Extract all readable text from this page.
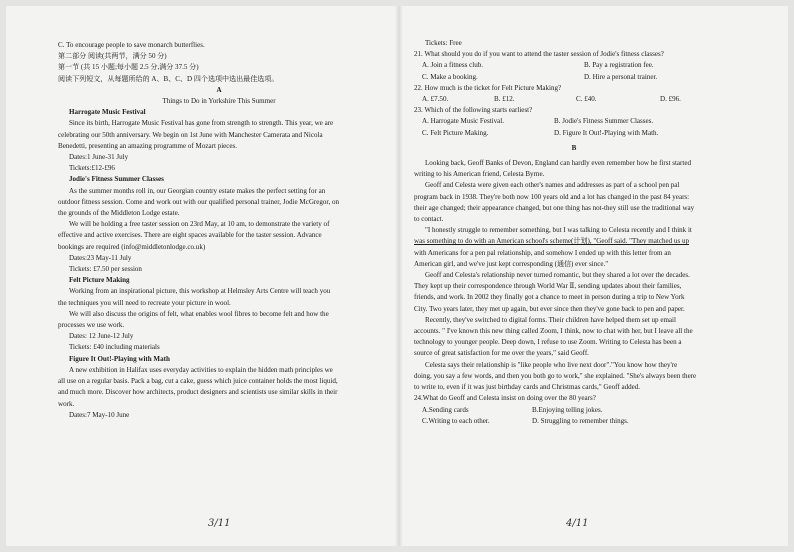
C. To encourage people to save monarch butterflies.
第二部分 阅读(共两节，满分 50 分)
第一节 (共 15 小题;每小题 2.5 分,满分 37.5 分)
阅读下列短文，从每题所给的 A、B、C、D 四个选项中选出最佳选项。
A
Things to Do in Yorkshire This Summer
Harrogate Music Festival
Since its birth, Harrogate Music Festival has gone from strength to strength. This year, we are
celebrating our 50th anniversary. We begin on 1st June with Manchester Camerata and Nicola
Benedetti, presenting an amazing programme of Mozart pieces.
Dates:1 June-31 July
Tickets:£12-£96
Jodie's Fitness Summer Classes
As the summer months roll in, our Georgian country estate makes the perfect setting for an
outdoor fitness session. Come and work out with our qualified personal trainer, Jodie McGregor, on
the grounds of the Middleton Lodge estate.
We will be holding a free taster session on 23rd May, at 10 am, to demonstrate the variety of
effective and active exercises. There are eight spaces available for the taster session. Advance
bookings are required (info@middletonlodge.co.uk)
Dates:23 May-11 July
Tickets: £7.50 per session
Felt Picture Making
Working from an inspirational picture, this workshop at Helmsley Arts Centre will teach you
the techniques you will need to recreate your picture in wool.
We will also discuss the origins of felt, what enables wool fibres to become felt and how the
processes we use work.
Dates: 12 June-12 July
Tickets: £40 including materials
Figure It Out!-Playing with Math
A new exhibition in Halifax uses everyday activities to explain the hidden math principles we
all use on a regular basis. Pack a bag, cut a cake, guess which juice container holds the most liquid,
and much more. Discover how architects, product designers and scientists use similar skills in their
work.
Dates:7 May-10 June
3/11
Tickets: Free
21. What should you do if you want to attend the taster session of Jodie's fitness classes?
A. Join a fitness club.	B. Pay a registration fee.
C. Make a booking.	D. Hire a personal trainer.
22. How much is the ticket for Felt Picture Making?
A. £7.50.	B. £12.	C. £40.	D. £96.
23. Which of the following starts earliest?
A. Harrogate Music Festival.	B. Jodie's Fitness Summer Classes.
C. Felt Picture Making.	D. Figure It Out!-Playing with Math.
B
Looking back, Geoff Banks of Devon, England can hardly even remember how he first started
writing to his American friend, Celesta Byrne.
Geoff and Celesta were given each other's names and addresses as part of a school pen pal
program back in 1938. They're both now 100 years old and a lot has changed in the past 84 years:
their age changed; their appearance changed, but one thing has not-they still use the traditional way
to contact.
"I honestly struggle to remember something, but I was talking to Celesta recently and I think it
was something to do with an American school's scheme(计划), "Geoff said. "They matched us up
with Americans for a pen pal relationship, and somehow I ended up with this letter from an
American girl, and we've just kept corresponding (通信) ever since."
Geoff and Celesta's relationship never turned romantic, but they shared a lot over the decades.
They kept up their correspondence through World War Ⅱ, sending updates about their families,
friends, and work. In 2002 they finally got a chance to meet in person during a trip to New York
City. Two years later, they met up again, but ever since then they've gone back to pen and paper.
Recently, they've switched to digital forms. Their children have helped them set up email
accounts. " I've known this new thing called Zoom, I think, now to chat with her, but I leave all the
technology to younger people. Deep down, I refuse to use Zoom. Writing to Celesta has been a
source of great satisfaction for me over the years," said Geoff.
Celesta says their relationship is "like people who live next door"."You know how they're
doing, you say a few words, and then you both go to work," she explained. "She's always been there
to write to, even if it was just birthday cards and Christmas cards," Geoff added.
24.What do Geoff and Celesta insist on doing over the 80 years?
A.Sending cards	B.Enjoying telling jokes.
C.Writing to each other.	D. Struggling to remember things.
4/11
